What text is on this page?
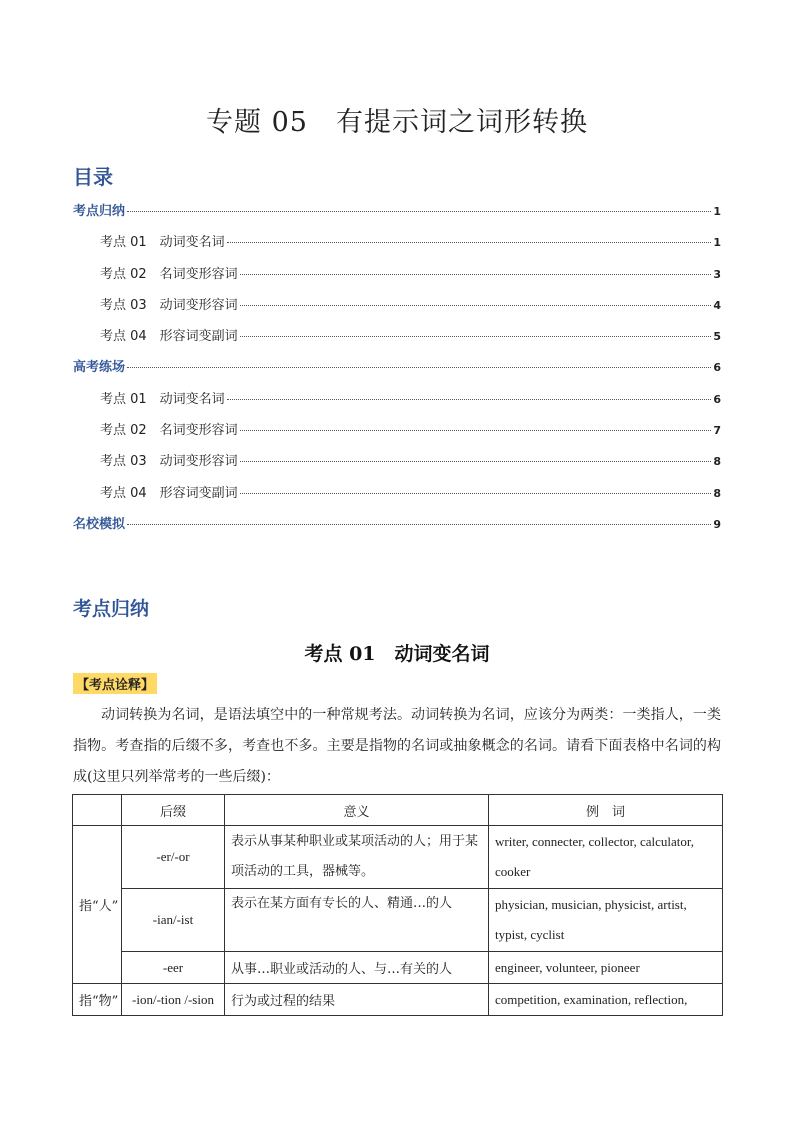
专题 05　有提示词之词形转换
目录
考点归纳	1
考点 01　动词变名词	1
考点 02　名词变形容词	3
考点 03　动词变形容词	4
考点 04　形容词变副词	5
高考练场	6
考点 01　动词变名词	6
考点 02　名词变形容词	7
考点 03　动词变形容词	8
考点 04　形容词变副词	8
名校模拟	9
考点归纳
考点 01　动词变名词
【考点诠释】
动词转换为名词，是语法填空中的一种常规考法。动词转换为名词，应该分为两类：一类指人，一类指物。考查指的后缀不多，考查也不多。主要是指物的名词或抽象概念的名词。请看下面表格中名词的构成(这里只列举常考的一些后缀)：
	后缀	意义	例　词
指“人”	-er/-or	表示从事某种职业或某项活动的人；用于某项活动的工具，器械等。	writer, connecter, collector, calculator, cooker
	-ian/-ist	表示在某方面有专长的人、精通…的人	physician, musician, physicist, artist, typist, cyclist
	-eer	从事…职业或活动的人、与…有关的人	engineer, volunteer, pioneer
指“物”	-ion/-tion /-sion	行为或过程的结果	competition, examination, reflection,
